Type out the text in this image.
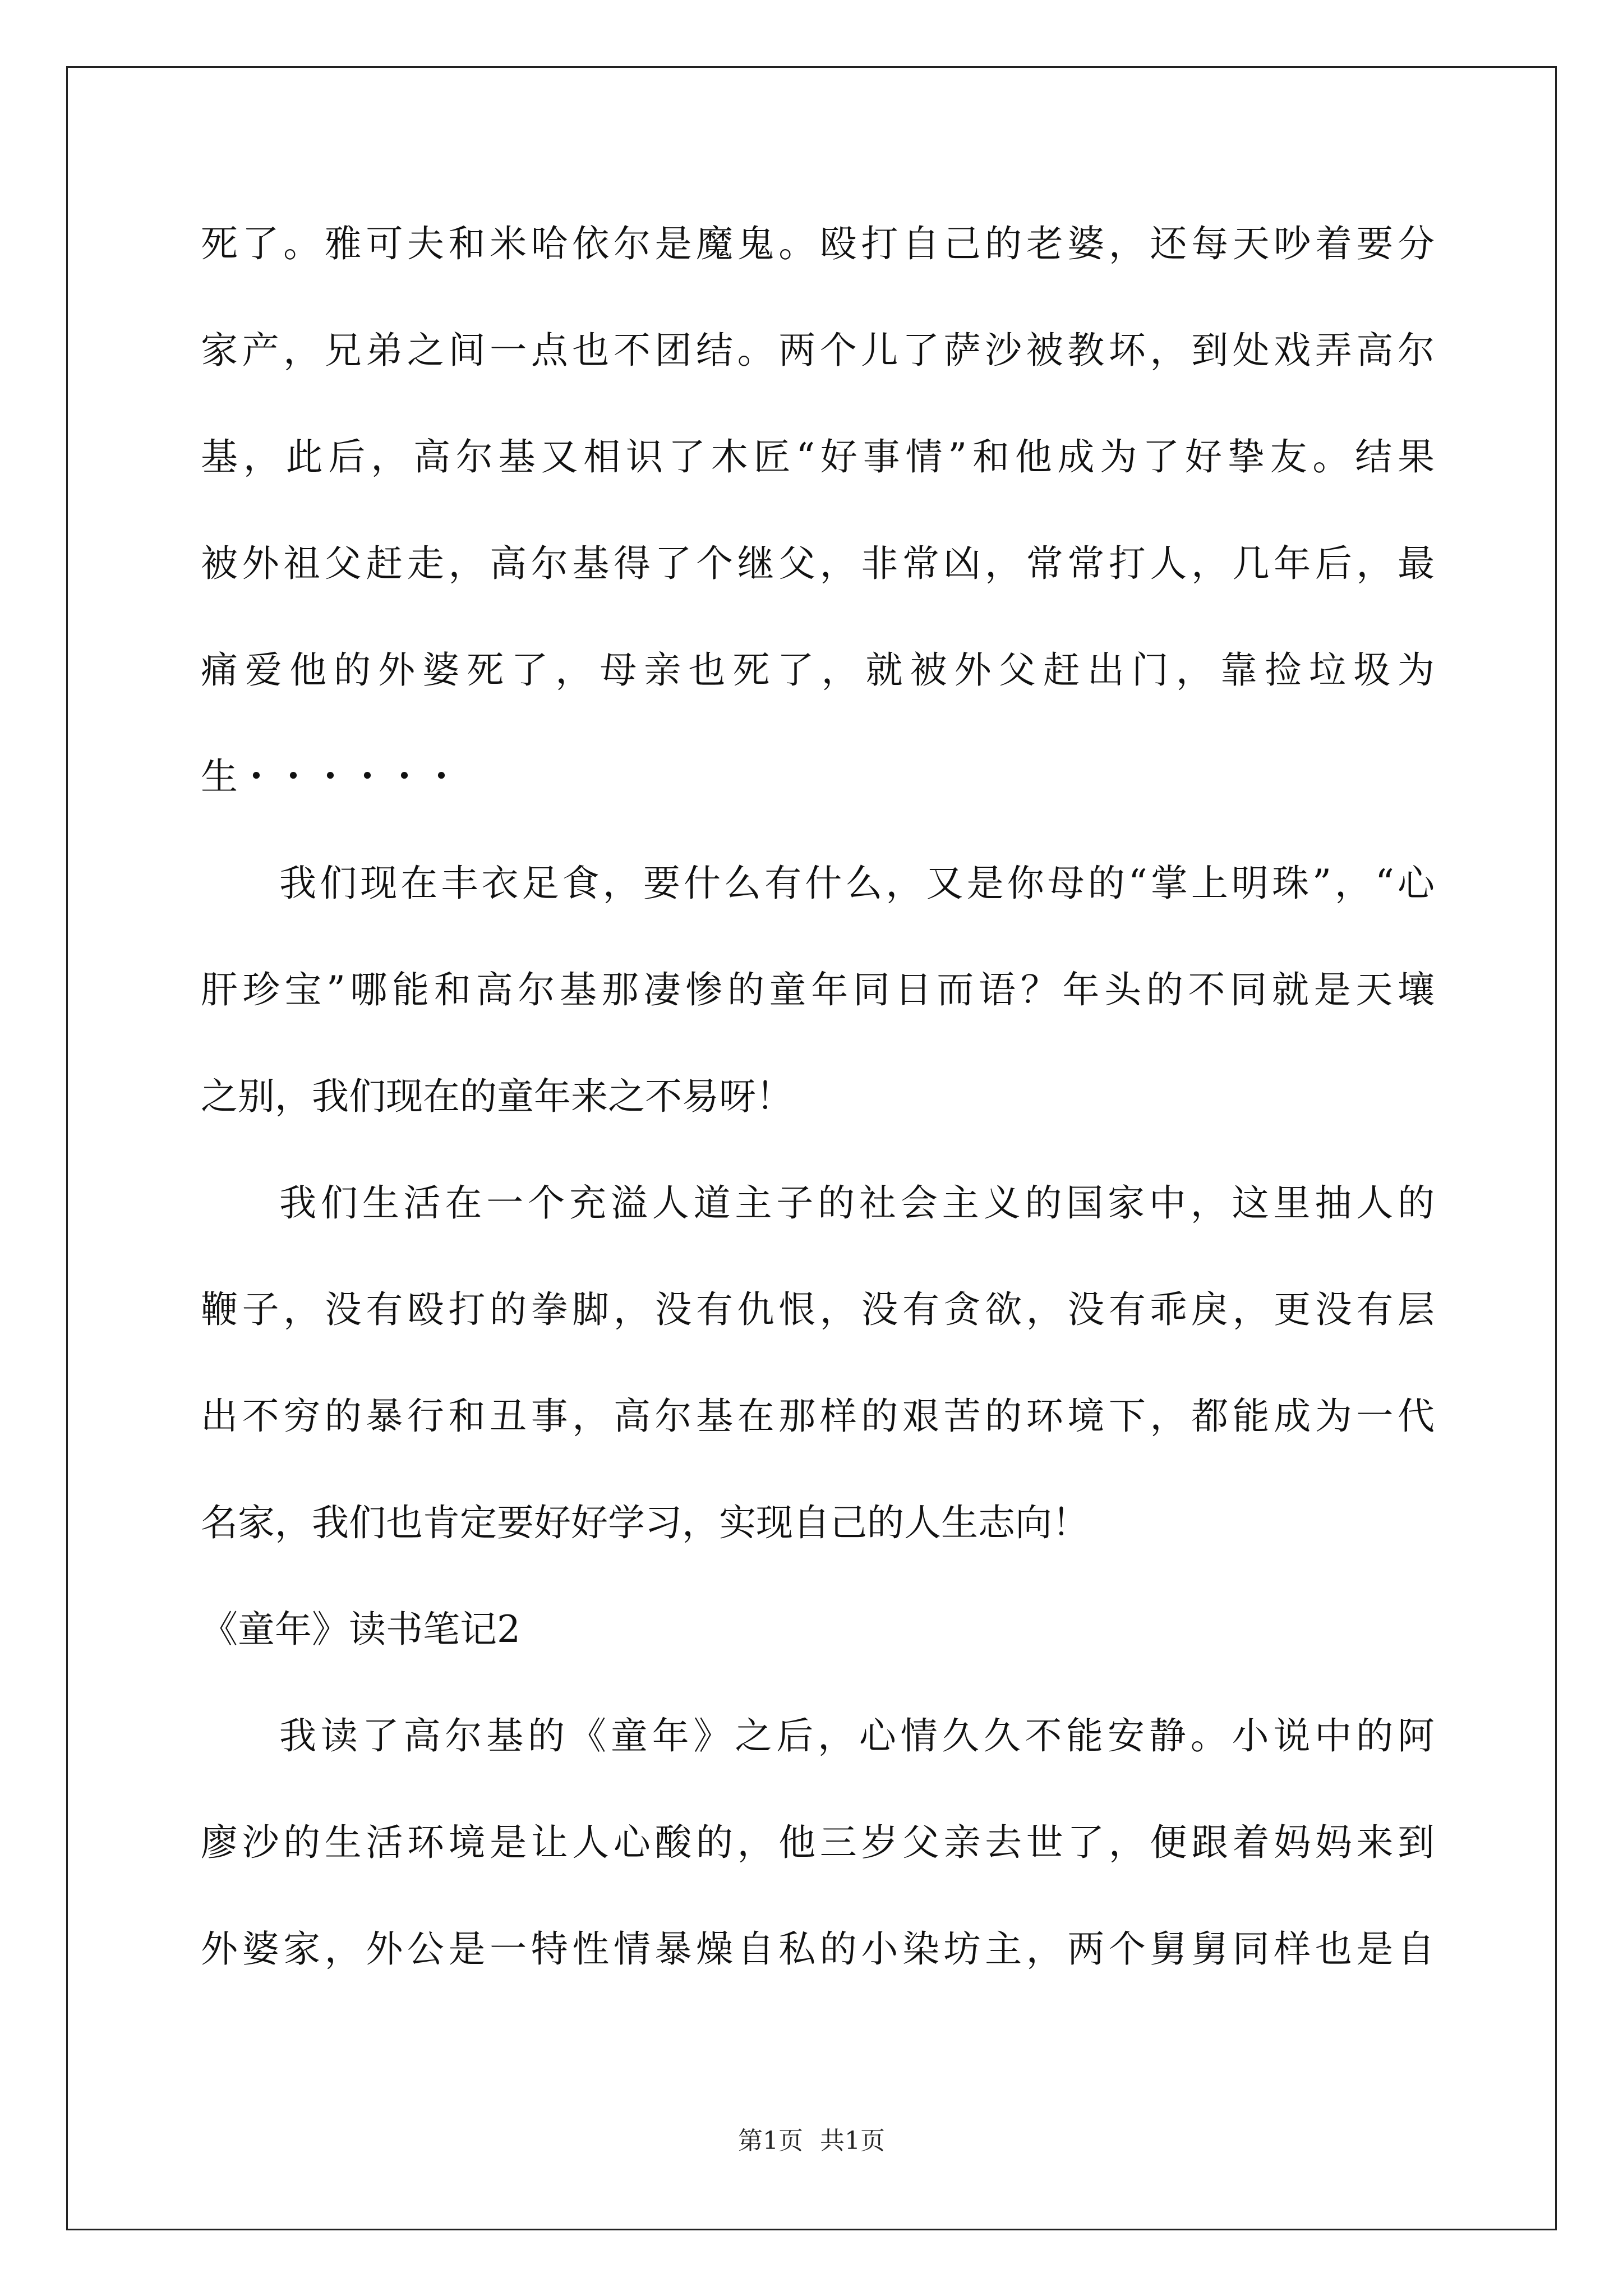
死了。雅可夫和米哈依尔是魔鬼。殴打自己的老婆，还每天吵着要分
家产，兄弟之间一点也不团结。两个儿了萨沙被教坏，到处戏弄高尔
基，此后，高尔基又相识了木匠“好事情”和他成为了好挚友。结果
被外祖父赶走，高尔基得了个继父，非常凶，常常打人，几年后，最
痛爱他的外婆死了，母亲也死了，就被外父赶出门，靠捡垃圾为
生・・・・・・
我们现在丰衣足食，要什么有什么，又是你母的“掌上明珠”，“心
肝珍宝”哪能和高尔基那凄惨的童年同日而语？年头的不同就是天壤
之别，我们现在的童年来之不易呀！
我们生活在一个充溢人道主子的社会主义的国家中，这里抽人的
鞭子，没有殴打的拳脚，没有仇恨，没有贪欲，没有乖戾，更没有层
出不穷的暴行和丑事，高尔基在那样的艰苦的环境下，都能成为一代
名家，我们也肯定要好好学习，实现自己的人生志向！
《童年》读书笔记2
我读了高尔基的《童年》之后，心情久久不能安静。小说中的阿
廖沙的生活环境是让人心酸的，他三岁父亲去世了，便跟着妈妈来到
外婆家，外公是一特性情暴燥自私的小染坊主，两个舅舅同样也是自
第1页 共1页
